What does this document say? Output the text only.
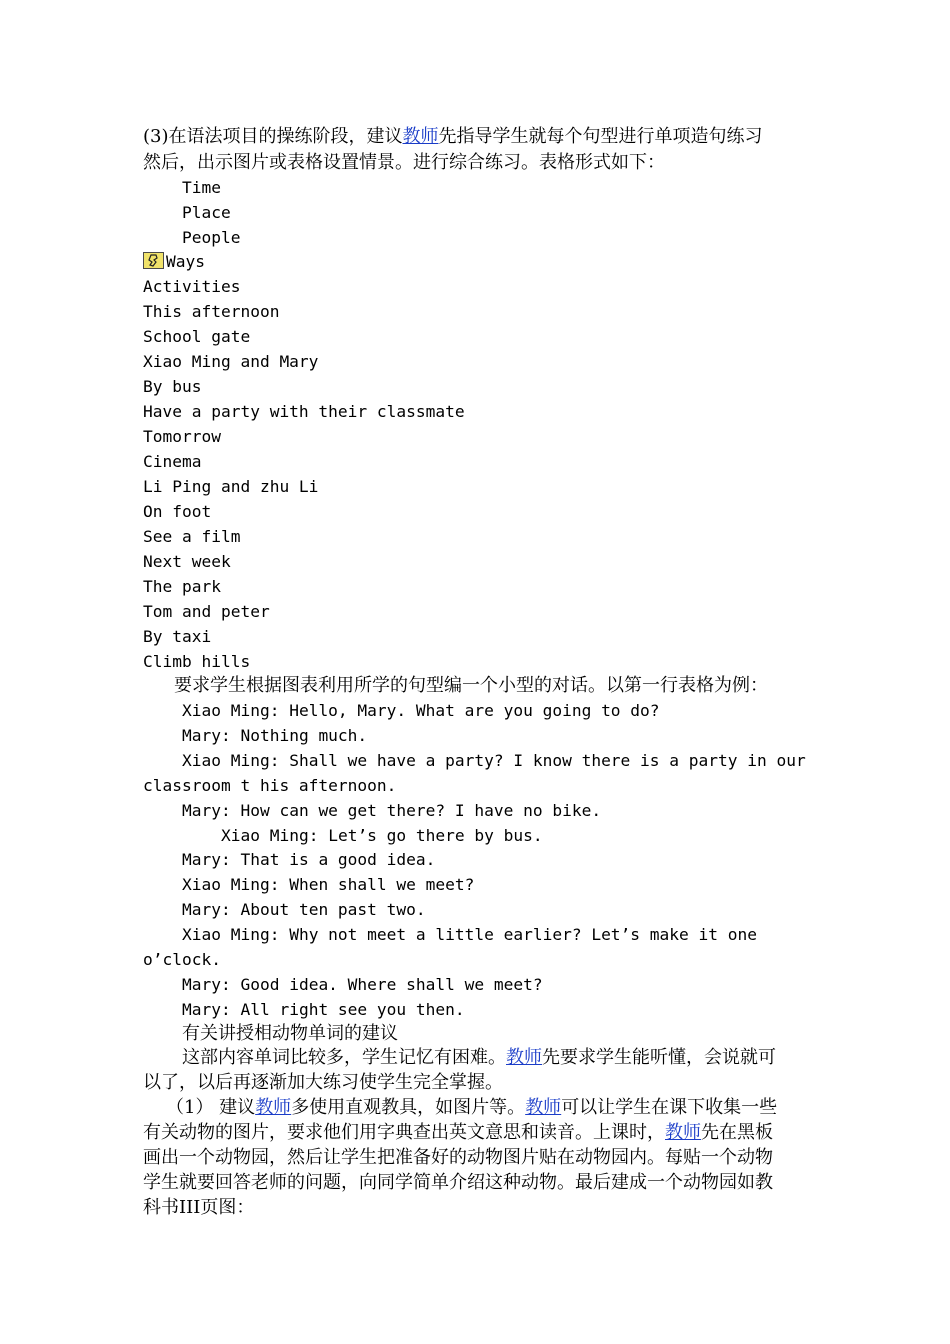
(3)在语法项目的操练阶段，建议教师先指导学生就每个句型进行单项造句练习
然后，出示图片或表格设置情景。进行综合练习。表格形式如下：
Time
Place
People
Ways
Activities
This afternoon
School gate
Xiao Ming and Mary
By bus
Have a party with their classmate
Tomorrow
Cinema
Li Ping and zhu Li
On foot
See a film
Next week
The park
Tom and peter
By taxi
Climb hills
要求学生根据图表利用所学的句型编一个小型的对话。以第一行表格为例：
Xiao Ming: Hello, Mary. What are you going to do?
Mary: Nothing much.
Xiao Ming: Shall we have a party? I know there is a party in our
classroom t his afternoon.
Mary: How can we get there? I have no bike.
Xiao Ming: Let’s go there by bus.
Mary: That is a good idea.
Xiao Ming: When shall we meet?
Mary: About ten past two.
Xiao Ming: Why not meet a little earlier? Let’s make it one
o’clock.
Mary: Good idea. Where shall we meet?
Mary: All right see you then.
有关讲授相动物单词的建议
这部内容单词比较多，学生记忆有困难。教师先要求学生能听懂，会说就可
以了，以后再逐渐加大练习使学生完全掌握。
（1） 建议教师多使用直观教具，如图片等。教师可以让学生在课下收集一些
有关动物的图片，要求他们用字典查出英文意思和读音。上课时，教师先在黑板
画出一个动物园，然后让学生把准备好的动物图片贴在动物园内。每贴一个动物
学生就要回答老师的问题，向同学简单介绍这种动物。最后建成一个动物园如教
科书III页图：
